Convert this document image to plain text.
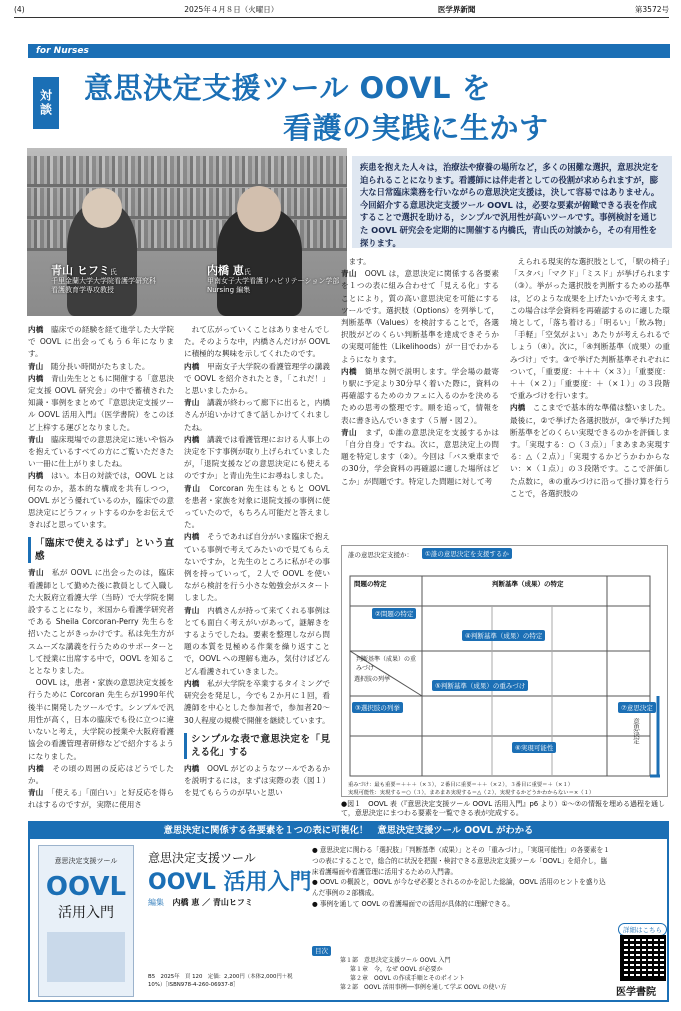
(4)	2025年４月８日（火曜日）	医学界新聞	第3572号
for Nurses
対談 意思決定支援ツール OOVL を
看護の実践に生かす
青山 ヒフミ氏
千里金蘭大学大学院看護学研究科
看護教育学専攻教授
内橋 恵氏
甲南女子大学看護リハビリテーション学部
Nursing 編集
疾患を抱えた人々は，治療法や療養の場所など，多くの困難な選択，意思決定を迫られることになります。看護師には伴走者としての役割が求められますが，膨大な日常臨床業務を行いながらの意思決定支援は，決して容易ではありません。今回紹介する意思決定支援ツール OOVL は，必要な要素が俯瞰できる表を作成することで選択を助ける，シンプルで汎用性が高いツールです。事例検討を通じた OOVL 研究会を定期的に開催する内橋氏，青山氏の対談から，その有用性を探ります。

内橋　 臨床での経験を経て進学した大学院で OOVL に出会ってもう６年になります。

青山　 随分長い時間がたちました。

内橋　 青山先生とともに開催する「意思決定支援 OOVL 研究会」の中で蓄積された知識・事例をまとめて『意思決定支援ツール OOVL 活用入門』（医学書院）をこのほど上梓する運びとなりました。

青山　 臨床現場での意思決定に迷いや悩みを抱えているすべての方にご覧いただきたい一冊に仕上がりましたね。

内橋　 はい。本日の対談では，OOVL とは何なのか，基本的な構成を共有しつつ，OOVL がどう優れているのか，臨床での意思決定にどうフィットするのかをお伝えできればと思っています。

「臨床で使えるはず」という直感

青山　 私が OOVL に出会ったのは，臨床看護師として勤めた後に教員として入職した大阪府立看護大学（当時）で大学院を開設することになり，米国から看護学研究者である Sheila Corcoran-Perry 先生らを招いたことがきっかけです。私は先生方がスムーズな講義を行うためのサポーターとして授業に出席する中で，OOVL を知ることとなりました。

　OOVL は，患者・家族の意思決定支援を行うために Corcoran 先生らが1990年代後半に開発したツールです。シンプルで汎用性が高く，日本の臨床でも役に立つに違いないと考え，大学院の授業や大阪府看護協会の看護管理者研修などで紹介するようになりました。

内橋　 その頃の周囲の反応はどうでしたか。

青山　 「使える」「面白い」と好反応を得られはするのですが，実際に使用さ

　れて広がっていくことはありませんでした。そのような中，内橋さんだけが OOVL に積極的な興味を示してくれたのです。

内橋　 甲南女子大学院の看護管理学の講義で OOVL を紹介されたとき，「これだ！」と思いましたから。

青山　 講義が終わって廊下に出ると，内橋さんが追いかけてきて話しかけてくれましたね。

内橋　 講義では看護管理における人事上の決定を下す事例が取り上げられていましたが，「退院支援などの意思決定にも使えるのですか」と青山先生にお尋ねしました。

青山　 Corcoran 先生はもともと OOVL を患者・家族を対象に退院支援の事例に使っていたので，もちろん可能だと答えました。

内橋　 そうであれば自分がいま臨床で抱えている事例で考えてみたいので見てもらえないですか，と先生のところに私がその事例を持っていって，２人で OOVL を使いながら検討を行う小さな勉強会がスタートしました。

青山　 内橋さんが持って来てくれる事例はとても面白く考えがいがあって，謎解きをするようでしたね。要素を整理しながら問題の本質を見極める作業を繰り返すことで，OOVL への理解も進み，気付けばどんどん看護されていきました。

内橋　 私が大学院を卒業するタイミングで研究会を発足し，今でも２か月に１回，看護師を中心とした参加者で，参加者20〜30人程度の規模で開催を継続しています。

シンプルな表で意思決定を「見える化」する

内橋　 OOVL がどのようなツールであるかを説明するには，まずは実際の表（図１）を見てもらうのが早いと思い

　ます。

青山　 OOVL は，意思決定に関係する各要素を１つの表に組み合わせて「見える化」することにより，質の高い意思決定を可能にするツールです。選択肢（Options）を列挙して，判断基準（Values）を検討することで，各選択肢がどのくらい判断基準を達成できそうかの実現可能性（Likelihoods）が一目でわかるようになります。

内橋　 簡単な例で説明します。学会場の最寄り駅に予定より30分早く着いた際に，資料の再確認するためのカフェに入るのかを決めるための思考の整理です。順を追って，情報を表に書き込んでいきます（５層・図２）。

青山　 まず，①誰の意思決定を支援するかは「自分自身」ですね。次に，意思決定上の問題を特定します（②）。今回は「バス乗車までの30分，学会資料の再確認に適した場所はどこか」が問題です。特定した問題に対して考

　えられる現実的な選択肢として，「駅の椅子」「スタバ」「マクド」「ミスド」が挙げられます（③）。挙がった選択肢を判断するための基準は，どのような成果を上げたいかで考えます。この場合は学会資料を再確認するのに適した環境として，「落ち着ける」「明るい」「飲み物」「手軽」「空気がよい」あたりが考えられるでしょう（④）。次に，「④判断基準（成果）の重みづけ」です。③で挙げた判断基準それぞれについて，「重要度：＋＋＋（×３）」「重要度：＋＋（×２）」「重要度：＋（×１）」の３段階で重みづけを行います。

内橋　 ここまでで基本的な準備は整いました。最後に，②で挙げた各選択肢が，③で挙げた判断基準をどのくらい実現できるのかを評価します。「実現する：○（３点）」「まあまあ実現する：△（２点）」「実現するかどうかわからない：×（１点）」の３段階です。ここで評価した点数に，④の重みづけに沿って掛け算を行うことで，各選択肢の

誰の意思決定支援か：	①誰の意思決定を支援するか
問題の特定	判断基準（成果）の特定
②問題の特定
④判断基準（成果）の特定
判断基準（成果）の重みづけ
選択肢の列挙
⑤判断基準（成果）の重みづけ
③選択肢の列挙
⑥実現可能性
⑦意思決定
意思決定
重みづけ：最も重要＝＋＋＋（×３），２番目に重要＝＋＋（×２），３番目に重要＝＋（×１）
実現可能性：実現する＝○（３），まあまあ実現する＝△（２），実現するかどうかわからない＝×（１）
●図１　OOVL 表（『意思決定支援ツール OOVL 活用入門』p6 より）①〜⑦の情報を埋める過程を通して，意思決定にまつわる要素を一覧できる表が完成する。
意思決定に関係する各要素を１つの表に可視化！　意思決定支援ツール OOVL がわかる
意思決定支援ツール
OOVL
活用入門
意思決定支援ツール
OOVL 活用入門
編集 内橋 恵 ／ 青山ヒフミ
B5　2025年　頁 120　定価：2,200円（本体2,000円＋税10%）［ISBN978-4-260-06937-8］
● 意思決定に関わる「選択肢」「判断基準（成果）」とその「重みづけ」，「実現可能性」の各要素を１つの表にすることで，総合的に状況を把握・検討できる意思決定支援ツール「OOVL」を紹介し，臨床看護場面や看護管理に活用するための入門書。
● OOVL の概説と，OOVL が今なぜ必要とされるのかを記した総論，OOVL 活用のヒントを盛り込んだ事例の２部構成。
● 事例を通して OOVL の看護場面での活用が具体的に理解できる。
目次
第１部　意思決定支援ツール OOVL 入門
第１章　今，なぜ OOVL が必要か
第２章　OOVL の作成手順とそのポイント
第２部　OOVL 活用事例──事例を通して学ぶ OOVL の使い方
詳細はこちら
医学書院
